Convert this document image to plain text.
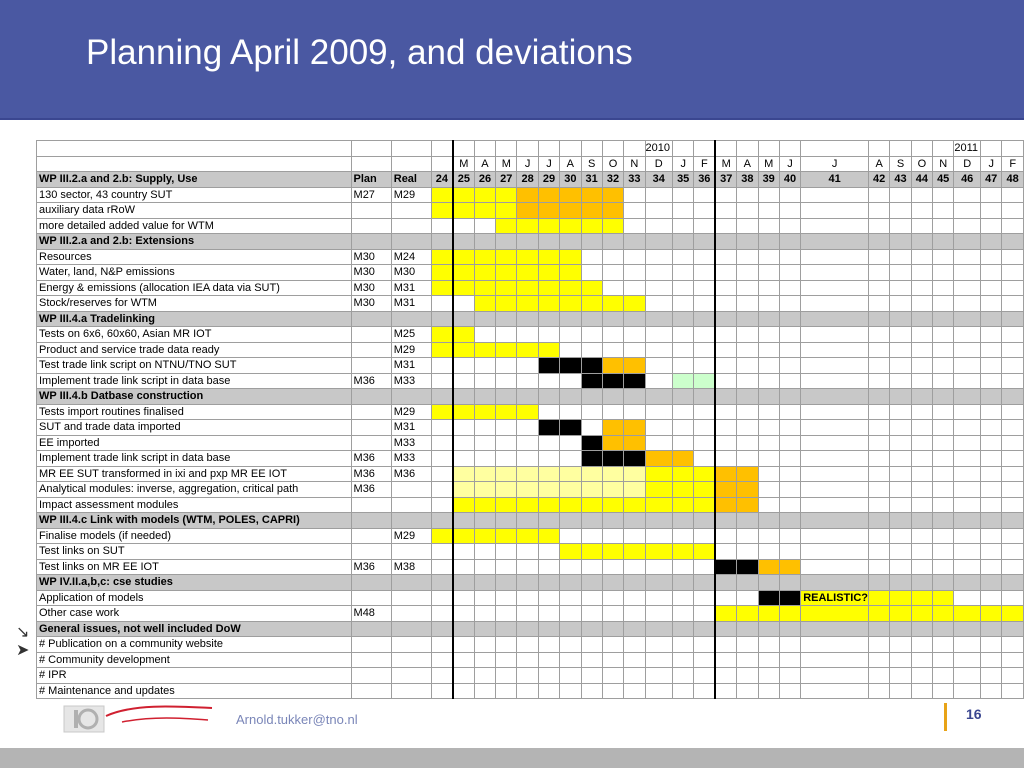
Planning April 2009, and deviations
													2010												2011		
				M	A	M	J	J	A	S	O	N	D	J	F	M	A	M	J	J	A	S	O	N	D	J	F
WP III.2.a and 2.b: Supply, Use	Plan	Real	24	25	26	27	28	29	30	31	32	33	34	35	36	37	38	39	40	41	42	43	44	45	46	47	48
130 sector, 43 country SUT	M27	M29																									
auxiliary data rRoW																											
more detailed added value for WTM																											
WP III.2.a and 2.b: Extensions																											
Resources	M30	M24																									
Water, land, N&P emissions	M30	M30																									
Energy & emissions (allocation IEA data via SUT)	M30	M31																									
Stock/reserves for WTM	M30	M31																									
WP III.4.a Tradelinking																											
Tests on 6x6, 60x60, Asian MR IOT		M25																									
Product and service trade data ready		M29																									
Test trade link script on NTNU/TNO SUT		M31																									
Implement trade link script in data base	M36	M33																									
WP III.4.b Datbase construction																											
Tests import routines finalised		M29																									
SUT and trade data imported		M31																									
EE imported		M33																									
Implement trade link script in data base	M36	M33																									
MR EE SUT transformed in ixi and pxp MR EE IOT	M36	M36																									
Analytical modules: inverse, aggregation, critical path	M36																										
Impact assessment modules																											
WP III.4.c Link with models (WTM, POLES, CAPRI)																											
Finalise models (if needed)		M29																									
Test links on SUT																											
Test links on MR EE IOT	M36	M38																									
WP IV.II.a,b,c: cse studies																											
Application of models																				REALISTIC?							
Other case work	M48																										
General issues, not well included DoW																											
# Publication on a community website																											
# Community development																											
# IPR																											
# Maintenance and updates																											
↘
➤
Arnold.tukker@tno.nl	16
